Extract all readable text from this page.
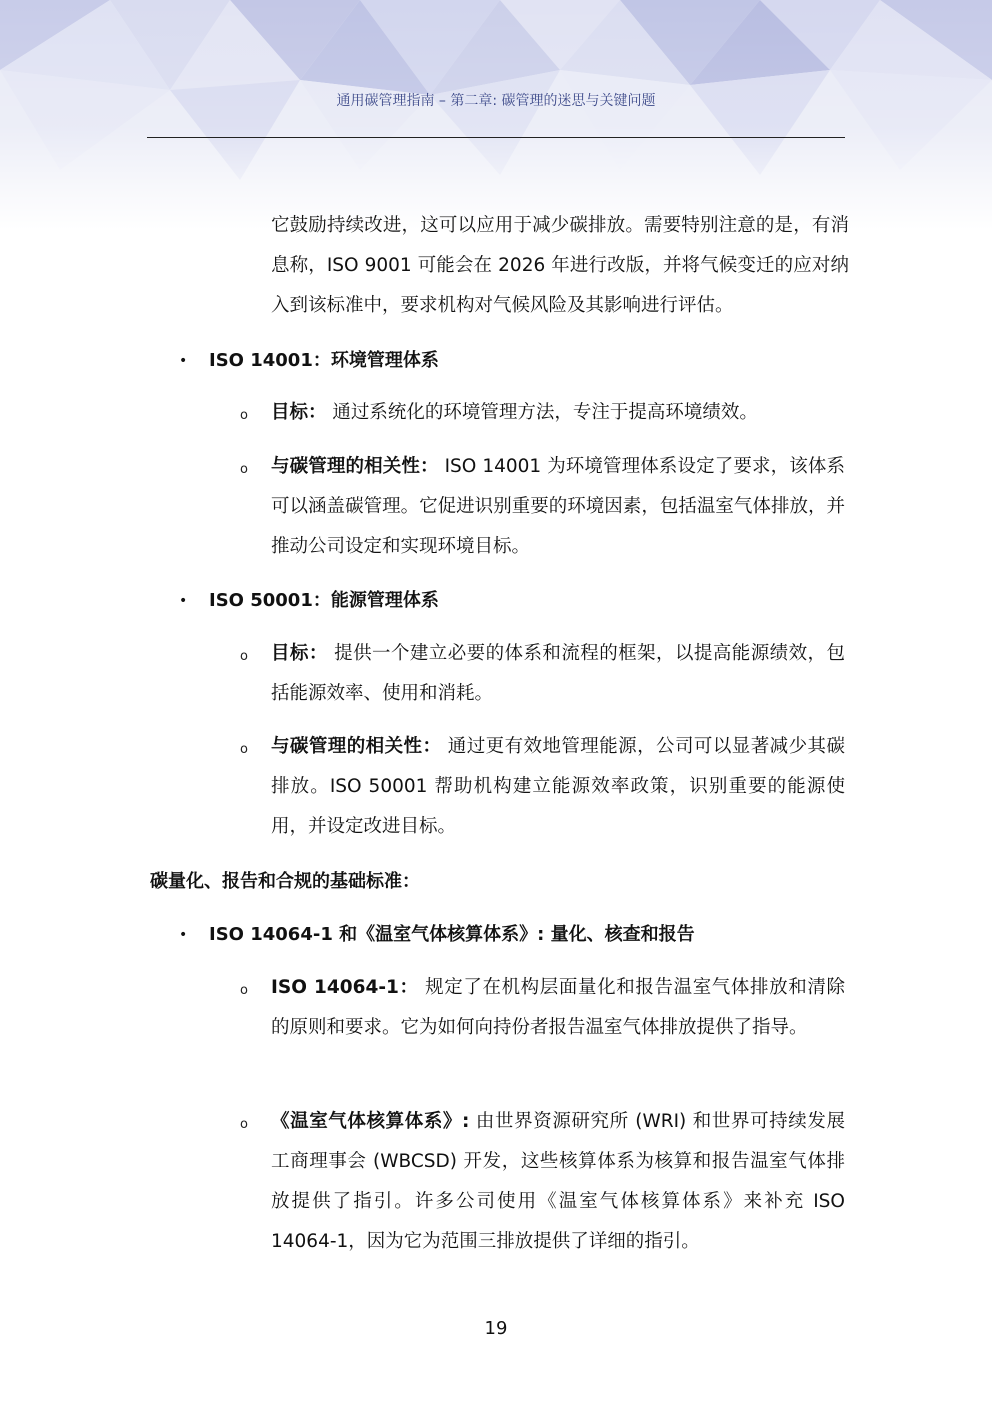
通用碳管理指南 – 第二章: 碳管理的迷思与关键问题

它鼓励持续改进，这可以应用于减少碳排放。需要特别注意的是，有消息称，ISO 9001 可能会在 2026 年进行改版，并将气候变迁的应对纳入到该标准中，要求机构对气候风险及其影响进行评估。

• ISO 14001：环境管理体系
o 目标： 通过系统化的环境管理方法，专注于提高环境绩效。

o 与碳管理的相关性： ISO 14001 为环境管理体系设定了要求，该体系可以涵盖碳管理。它促进识别重要的环境因素，包括温室气体排放，并推动公司设定和实现环境目标。

• ISO 50001：能源管理体系
o 目标： 提供一个建立必要的体系和流程的框架，以提高能源绩效，包括能源效率、使用和消耗。

o 与碳管理的相关性： 通过更有效地管理能源，公司可以显著减少其碳排放。ISO 50001 帮助机构建立能源效率政策，识别重要的能源使用，并设定改进目标。

碳量化、报告和合规的基础标准：
• ISO 14064-1 和《温室气体核算体系》: 量化、核查和报告
o ISO 14064-1： 规定了在机构层面量化和报告温室气体排放和清除的原则和要求。它为如何向持份者报告温室气体排放提供了指导。

o 《温室气体核算体系》: 由世界资源研究所 (WRI) 和世界可持续发展工商理事会 (WBCSD) 开发，这些核算体系为核算和报告温室气体排放提供了指引。许多公司使用《温室气体核算体系》来补充 ISO 14064-1，因为它为范围三排放提供了详细的指引。

19
